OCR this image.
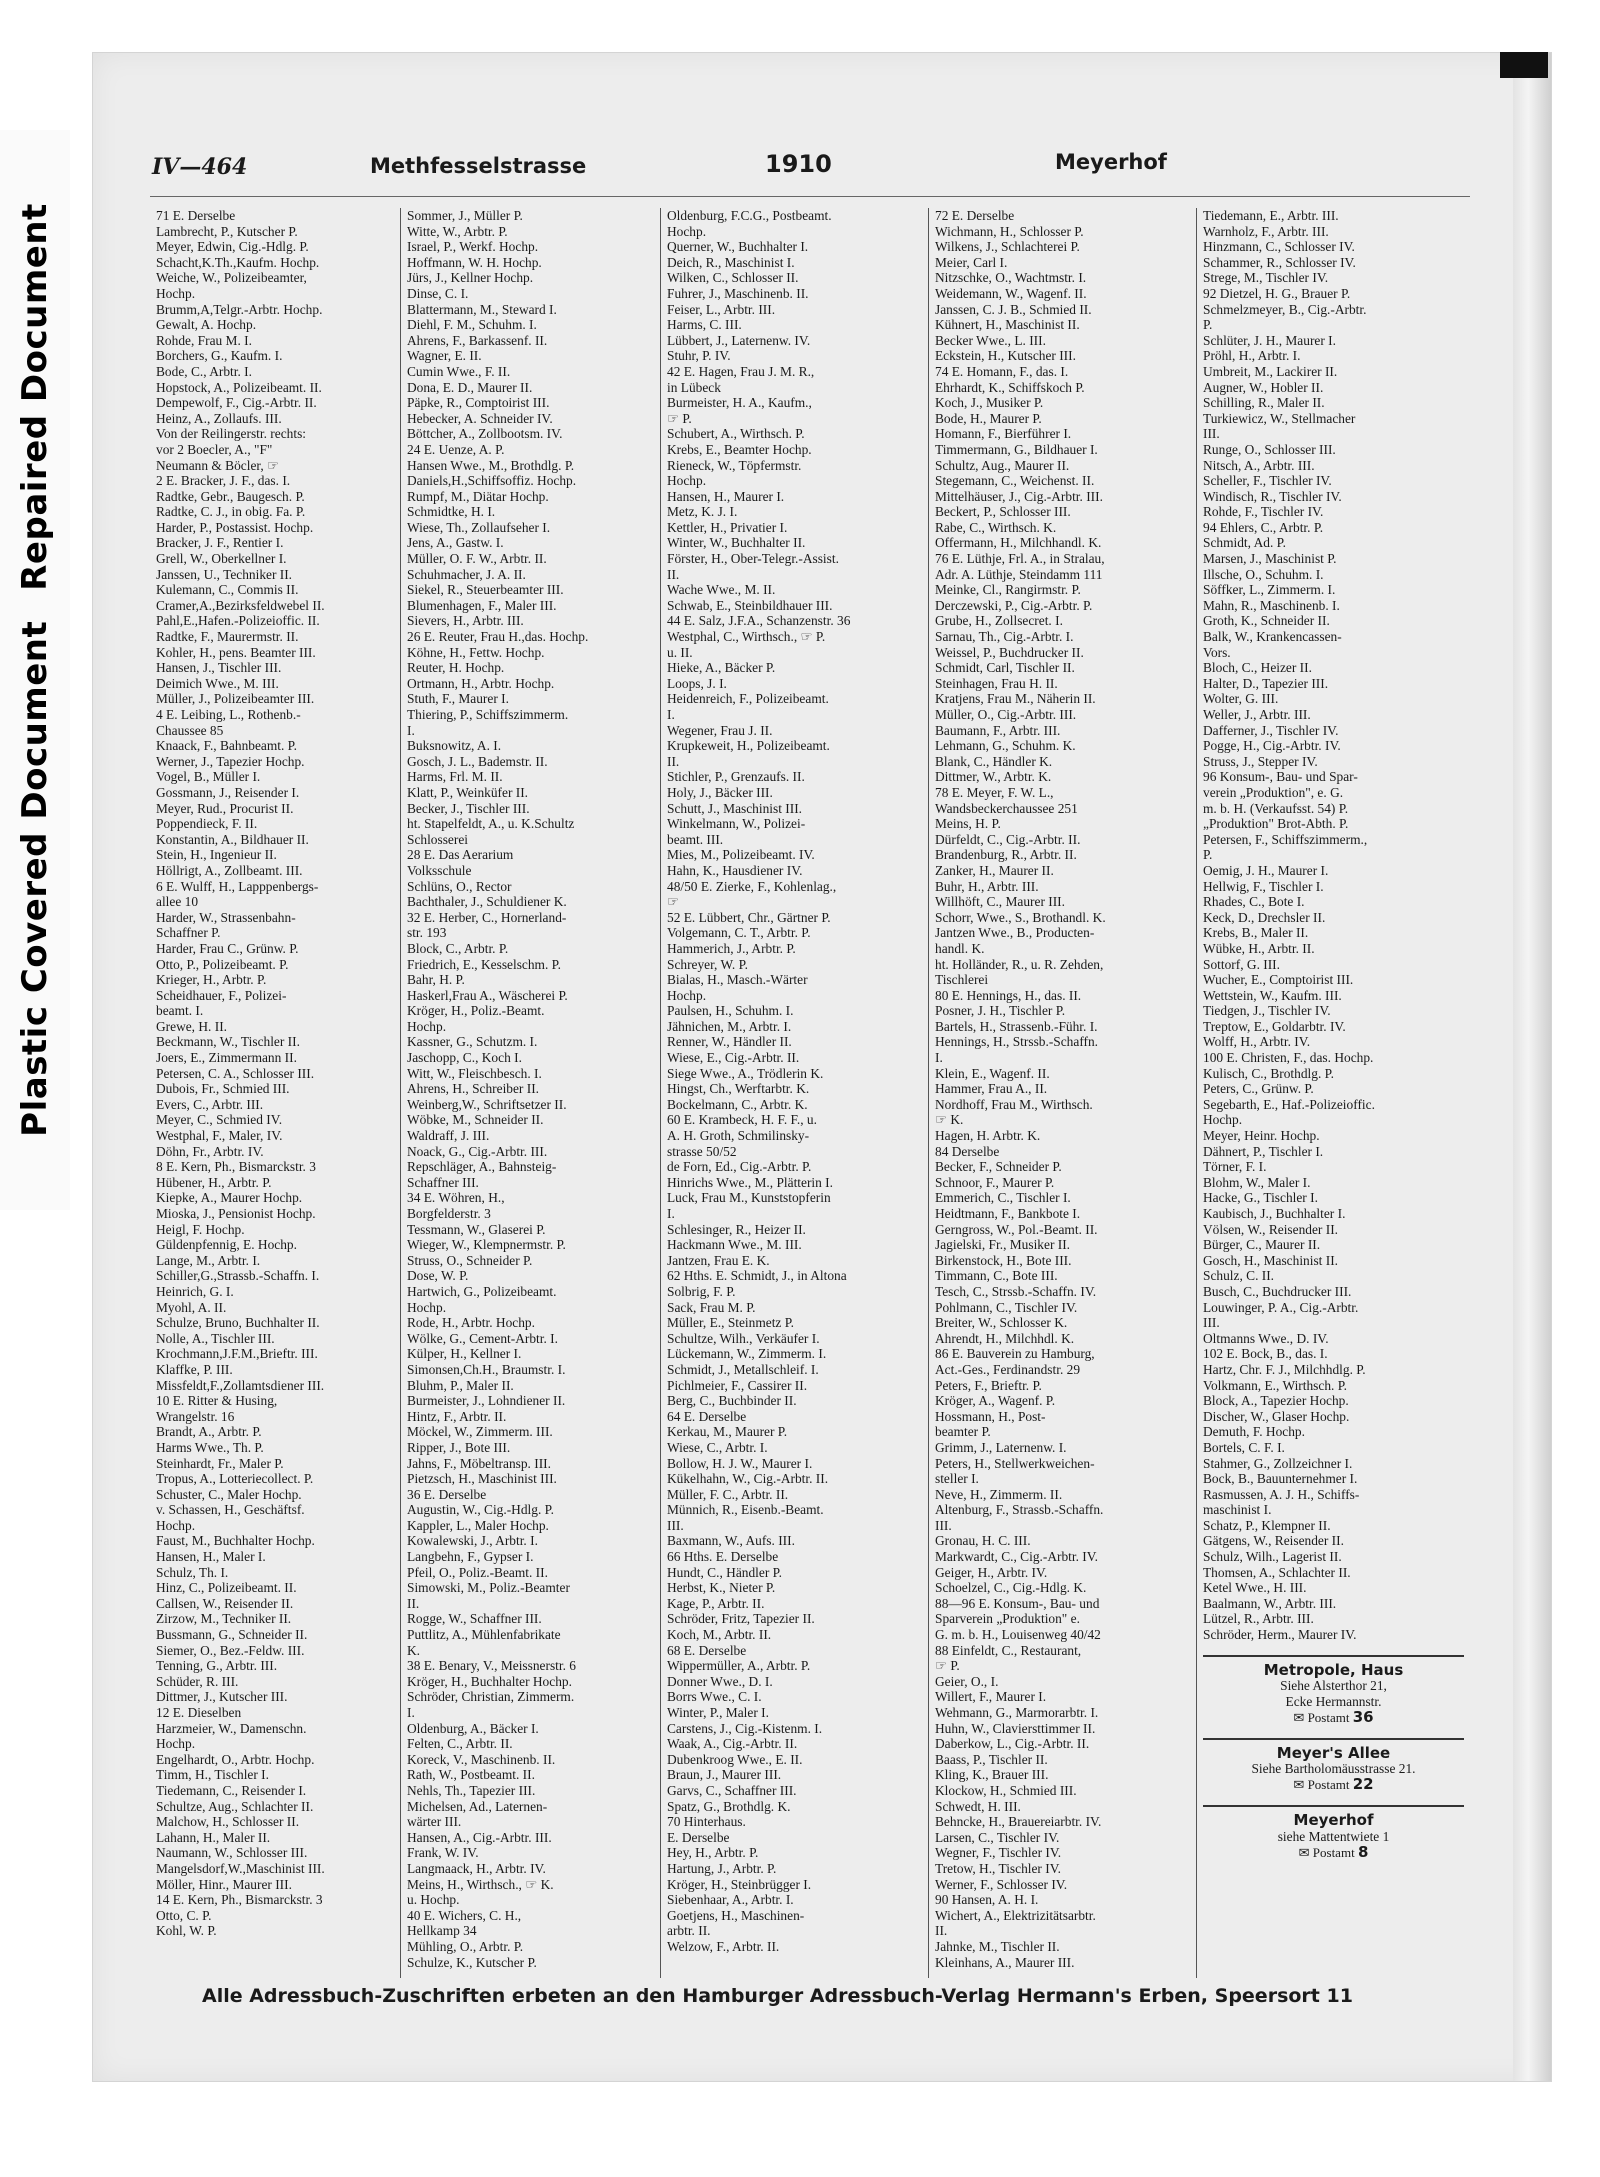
Plastic Covered DocumentRepaired Document
IV—464	Methfesselstrasse	1910	Meyerhof
71 E. Derselbe
Lambrecht, P., Kutscher P.
Meyer, Edwin, Cig.-Hdlg. P.
Schacht,K.Th.,Kaufm. Hochp.
Weiche, W., Polizeibeamter,
Hochp.
Brumm,A,Telgr.-Arbtr. Hochp.
Gewalt, A. Hochp.
Rohde, Frau M. I.
Borchers, G., Kaufm. I.
Bode, C., Arbtr. I.
Hopstock, A., Polizeibeamt. II.
Dempewolf, F., Cig.-Arbtr. II.
Heinz, A., Zollaufs. III.
Von der Reilingerstr. rechts:
vor 2 Boecler, A., "F"
Neumann & Böcler, ☞
2 E. Bracker, J. F., das. I.
Radtke, Gebr., Baugesch. P.
Radtke, C. J., in obig. Fa. P.
Harder, P., Postassist. Hochp.
Bracker, J. F., Rentier I.
Grell, W., Oberkellner I.
Janssen, U., Techniker II.
Kulemann, C., Commis II.
Cramer,A.,Bezirksfeldwebel II.
Pahl,E.,Hafen.-Polizeioffic. II.
Radtke, F., Maurermstr. II.
Kohler, H., pens. Beamter III.
Hansen, J., Tischler III.
Deimich Wwe., M. III.
Müller, J., Polizeibeamter III.
4 E. Leibing, L., Rothenb.-
Chaussee 85
Knaack, F., Bahnbeamt. P.
Werner, J., Tapezier Hochp.
Vogel, B., Müller I.
Gossmann, J., Reisender I.
Meyer, Rud., Procurist II.
Poppendieck, F. II.
Konstantin, A., Bildhauer II.
Stein, H., Ingenieur II.
Höllrigt, A., Zollbeamt. III.
6 E. Wulff, H., Lapppenbergs-
allee 10
Harder, W., Strassenbahn-
Schaffner P.
Harder, Frau C., Grünw. P.
Otto, P., Polizeibeamt. P.
Krieger, H., Arbtr. P.
Scheidhauer, F., Polizei-
beamt. I.
Grewe, H. II.
Beckmann, W., Tischler II.
Joers, E., Zimmermann II.
Petersen, C. A., Schlosser III.
Dubois, Fr., Schmied III.
Evers, C., Arbtr. III.
Meyer, C., Schmied IV.
Westphal, F., Maler, IV.
Döhn, Fr., Arbtr. IV.
8 E. Kern, Ph., Bismarckstr. 3
Hübener, H., Arbtr. P.
Kiepke, A., Maurer Hochp.
Mioska, J., Pensionist Hochp.
Heigl, F. Hochp.
Güldenpfennig, E. Hochp.
Lange, M., Arbtr. I.
Schiller,G.,Strassb.-Schaffn. I.
Heinrich, G. I.
Myohl, A. II.
Schulze, Bruno, Buchhalter II.
Nolle, A., Tischler III.
Krochmann,J.F.M.,Brieftr. III.
Klaffke, P. III.
Missfeldt,F.,Zollamtsdiener III.
10 E. Ritter & Husing,
Wrangelstr. 16
Brandt, A., Arbtr. P.
Harms Wwe., Th. P.
Steinhardt, Fr., Maler P.
Tropus, A., Lotteriecollect. P.
Schuster, C., Maler Hochp.
v. Schassen, H., Geschäftsf.
Hochp.
Faust, M., Buchhalter Hochp.
Hansen, H., Maler I.
Schulz, Th. I.
Hinz, C., Polizeibeamt. II.
Callsen, W., Reisender II.
Zirzow, M., Techniker II.
Bussmann, G., Schneider II.
Siemer, O., Bez.-Feldw. III.
Tenning, G., Arbtr. III.
Schüder, R. III.
Dittmer, J., Kutscher III.
12 E. Dieselben
Harzmeier, W., Damenschn.
Hochp.
Engelhardt, O., Arbtr. Hochp.
Timm, H., Tischler I.
Tiedemann, C., Reisender I.
Schultze, Aug., Schlachter II.
Malchow, H., Schlosser II.
Lahann, H., Maler II.
Naumann, W., Schlosser III.
Mangelsdorf,W.,Maschinist III.
Möller, Hinr., Maurer III.
14 E. Kern, Ph., Bismarckstr. 3
Otto, C. P.
Kohl, W. P.
Sommer, J., Müller P.
Witte, W., Arbtr. P.
Israel, P., Werkf. Hochp.
Hoffmann, W. H. Hochp.
Jürs, J., Kellner Hochp.
Dinse, C. I.
Blattermann, M., Steward I.
Diehl, F. M., Schuhm. I.
Ahrens, F., Barkassenf. II.
Wagner, E. II.
Cumin Wwe., F. II.
Dona, E. D., Maurer II.
Päpke, R., Comptoirist III.
Hebecker, A. Schneider IV.
Böttcher, A., Zollbootsm. IV.
24 E. Uenze, A. P.
Hansen Wwe., M., Brothdlg. P.
Daniels,H.,Schiffsoffiz. Hochp.
Rumpf, M., Diätar Hochp.
Schmidtke, H. I.
Wiese, Th., Zollaufseher I.
Jens, A., Gastw. I.
Müller, O. F. W., Arbtr. II.
Schuhmacher, J. A. II.
Siekel, R., Steuerbeamter III.
Blumenhagen, F., Maler III.
Sievers, H., Arbtr. III.
26 E. Reuter, Frau H.,das. Hochp.
Köhne, H., Fettw. Hochp.
Reuter, H. Hochp.
Ortmann, H., Arbtr. Hochp.
Stuth, F., Maurer I.
Thiering, P., Schiffszimmerm.
I.
Buksnowitz, A. I.
Gosch, J. L., Bademstr. II.
Harms, Frl. M. II.
Klatt, P., Weinküfer II.
Becker, J., Tischler III.
ht. Stapelfeldt, A., u. K.Schultz
Schlosserei
28 E. Das Aerarium
Volksschule
Schlüns, O., Rector
Bachthaler, J., Schuldiener K.
32 E. Herber, C., Hornerland-
str. 193
Block, C., Arbtr. P.
Friedrich, E., Kesselschm. P.
Bahr, H. P.
Haskerl,Frau A., Wäscherei P.
Kröger, H., Poliz.-Beamt.
Hochp.
Kassner, G., Schutzm. I.
Jaschopp, C., Koch I.
Witt, W., Fleischbesch. I.
Ahrens, H., Schreiber II.
Weinberg,W., Schriftsetzer II.
Wöbke, M., Schneider II.
Waldraff, J. III.
Noack, G., Cig.-Arbtr. III.
Repschläger, A., Bahnsteig-
Schaffner III.
34 E. Wöhren, H.,
Borgfelderstr. 3
Tessmann, W., Glaserei P.
Wieger, W., Klempnermstr. P.
Struss, O., Schneider P.
Dose, W. P.
Hartwich, G., Polizeibeamt.
Hochp.
Rode, H., Arbtr. Hochp.
Wölke, G., Cement-Arbtr. I.
Külper, H., Kellner I.
Simonsen,Ch.H., Braumstr. I.
Bluhm, P., Maler II.
Burmeister, J., Lohndiener II.
Hintz, F., Arbtr. II.
Möckel, W., Zimmerm. III.
Ripper, J., Bote III.
Jahns, F., Möbeltransp. III.
Pietzsch, H., Maschinist III.
36 E. Derselbe
Augustin, W., Cig.-Hdlg. P.
Kappler, L., Maler Hochp.
Kowalewski, J., Arbtr. I.
Langbehn, F., Gypser I.
Pfeil, O., Poliz.-Beamt. II.
Simowski, M., Poliz.-Beamter
II.
Rogge, W., Schaffner III.
Puttlitz, A., Mühlenfabrikate
K.
38 E. Benary, V., Meissnerstr. 6
Kröger, H., Buchhalter Hochp.
Schröder, Christian, Zimmerm.
I.
Oldenburg, A., Bäcker I.
Felten, C., Arbtr. II.
Koreck, V., Maschinenb. II.
Rath, W., Postbeamt. II.
Nehls, Th., Tapezier III.
Michelsen, Ad., Laternen-
wärter III.
Hansen, A., Cig.-Arbtr. III.
Frank, W. IV.
Langmaack, H., Arbtr. IV.
Meins, H., Wirthsch., ☞ K.
u. Hochp.
40 E. Wichers, C. H.,
Hellkamp 34
Mühling, O., Arbtr. P.
Schulze, K., Kutscher P.
Oldenburg, F.C.G., Postbeamt.
Hochp.
Querner, W., Buchhalter I.
Deich, R., Maschinist I.
Wilken, C., Schlosser II.
Fuhrer, J., Maschinenb. II.
Feiser, L., Arbtr. III.
Harms, C. III.
Lübbert, J., Laternenw. IV.
Stuhr, P. IV.
42 E. Hagen, Frau J. M. R.,
in Lübeck
Burmeister, H. A., Kaufm.,
☞ P.
Schubert, A., Wirthsch. P.
Krebs, E., Beamter Hochp.
Rieneck, W., Töpfermstr.
Hochp.
Hansen, H., Maurer I.
Metz, K. J. I.
Kettler, H., Privatier I.
Winter, W., Buchhalter II.
Förster, H., Ober-Telegr.-Assist.
II.
Wache Wwe., M. II.
Schwab, E., Steinbildhauer III.
44 E. Salz, J.F.A., Schanzenstr. 36
Westphal, C., Wirthsch., ☞ P.
u. II.
Hieke, A., Bäcker P.
Loops, J. I.
Heidenreich, F., Polizeibeamt.
I.
Wegener, Frau J. II.
Krupkeweit, H., Polizeibeamt.
II.
Stichler, P., Grenzaufs. II.
Holy, J., Bäcker III.
Schutt, J., Maschinist III.
Winkelmann, W., Polizei-
beamt. III.
Mies, M., Polizeibeamt. IV.
Hahn, K., Hausdiener IV.
48/50 E. Zierke, F., Kohlenlag.,
☞
52 E. Lübbert, Chr., Gärtner P.
Volgemann, C. T., Arbtr. P.
Hammerich, J., Arbtr. P.
Schreyer, W. P.
Bialas, H., Masch.-Wärter
Hochp.
Paulsen, H., Schuhm. I.
Jähnichen, M., Arbtr. I.
Renner, W., Händler II.
Wiese, E., Cig.-Arbtr. II.
Siege Wwe., A., Trödlerin K.
Hingst, Ch., Werftarbtr. K.
Bockelmann, C., Arbtr. K.
60 E. Krambeck, H. F. F., u.
A. H. Groth, Schmilinsky-
strasse 50/52
de Forn, Ed., Cig.-Arbtr. P.
Hinrichs Wwe., M., Plätterin I.
Luck, Frau M., Kunststopferin
I.
Schlesinger, R., Heizer II.
Hackmann Wwe., M. III.
Jantzen, Frau E. K.
62 Hths. E. Schmidt, J., in Altona
Solbrig, F. P.
Sack, Frau M. P.
Müller, E., Steinmetz P.
Schultze, Wilh., Verkäufer I.
Lückemann, W., Zimmerm. I.
Schmidt, J., Metallschleif. I.
Pichlmeier, F., Cassirer II.
Berg, C., Buchbinder II.
64 E. Derselbe
Kerkau, M., Maurer P.
Wiese, C., Arbtr. I.
Bollow, H. J. W., Maurer I.
Kükelhahn, W., Cig.-Arbtr. II.
Müller, F. C., Arbtr. II.
Münnich, R., Eisenb.-Beamt.
III.
Baxmann, W., Aufs. III.
66 Hths. E. Derselbe
Hundt, C., Händler P.
Herbst, K., Nieter P.
Kage, P., Arbtr. II.
Schröder, Fritz, Tapezier II.
Koch, M., Arbtr. II.
68 E. Derselbe
Wippermüller, A., Arbtr. P.
Donner Wwe., D. I.
Borrs Wwe., C. I.
Winter, P., Maler I.
Carstens, J., Cig.-Kistenm. I.
Waak, A., Cig.-Arbtr. II.
Dubenkroog Wwe., E. II.
Braun, J., Maurer III.
Garvs, C., Schaffner III.
Spatz, G., Brothdlg. K.
70 Hinterhaus.
E. Derselbe
Hey, H., Arbtr. P.
Hartung, J., Arbtr. P.
Kröger, H., Steinbrügger I.
Siebenhaar, A., Arbtr. I.
Goetjens, H., Maschinen-
arbtr. II.
Welzow, F., Arbtr. II.
72 E. Derselbe
Wichmann, H., Schlosser P.
Wilkens, J., Schlachterei P.
Meier, Carl I.
Nitzschke, O., Wachtmstr. I.
Weidemann, W., Wagenf. II.
Janssen, C. J. B., Schmied II.
Kühnert, H., Maschinist II.
Becker Wwe., L. III.
Eckstein, H., Kutscher III.
74 E. Homann, F., das. I.
Ehrhardt, K., Schiffskoch P.
Koch, J., Musiker P.
Bode, H., Maurer P.
Homann, F., Bierführer I.
Timmermann, G., Bildhauer I.
Schultz, Aug., Maurer II.
Stegemann, C., Weichenst. II.
Mittelhäuser, J., Cig.-Arbtr. III.
Beckert, P., Schlosser III.
Rabe, C., Wirthsch. K.
Offermann, H., Milchhandl. K.
76 E. Lüthje, Frl. A., in Stralau,
Adr. A. Lüthje, Steindamm 111
Meinke, Cl., Rangirmstr. P.
Derczewski, P., Cig.-Arbtr. P.
Grube, H., Zollsecret. I.
Sarnau, Th., Cig.-Arbtr. I.
Weissel, P., Buchdrucker II.
Schmidt, Carl, Tischler II.
Steinhagen, Frau H. II.
Kratjens, Frau M., Näherin II.
Müller, O., Cig.-Arbtr. III.
Baumann, F., Arbtr. III.
Lehmann, G., Schuhm. K.
Blank, C., Händler K.
Dittmer, W., Arbtr. K.
78 E. Meyer, F. W. L.,
Wandsbeckerchaussee 251
Meins, H. P.
Dürfeldt, C., Cig.-Arbtr. II.
Brandenburg, R., Arbtr. II.
Zanker, H., Maurer II.
Buhr, H., Arbtr. III.
Willhöft, C., Maurer III.
Schorr, Wwe., S., Brothandl. K.
Jantzen Wwe., B., Producten-
handl. K.
ht. Holländer, R., u. R. Zehden,
Tischlerei
80 E. Hennings, H., das. II.
Posner, J. H., Tischler P.
Bartels, H., Strassenb.-Führ. I.
Hennings, H., Strssb.-Schaffn.
I.
Klein, E., Wagenf. II.
Hammer, Frau A., II.
Nordhoff, Frau M., Wirthsch.
☞ K.
Hagen, H. Arbtr. K.
84 Derselbe
Becker, F., Schneider P.
Schnoor, F., Maurer P.
Emmerich, C., Tischler I.
Heidtmann, F., Bankbote I.
Gerngross, W., Pol.-Beamt. II.
Jagielski, Fr., Musiker II.
Birkenstock, H., Bote III.
Timmann, C., Bote III.
Tesch, C., Strssb.-Schaffn. IV.
Pohlmann, C., Tischler IV.
Breiter, W., Schlosser K.
Ahrendt, H., Milchhdl. K.
86 E. Bauverein zu Hamburg,
Act.-Ges., Ferdinandstr. 29
Peters, F., Brieftr. P.
Kröger, A., Wagenf. P.
Hossmann, H., Post-
beamter P.
Grimm, J., Laternenw. I.
Peters, H., Stellwerkweichen-
steller I.
Neve, H., Zimmerm. II.
Altenburg, F., Strassb.-Schaffn.
III.
Gronau, H. C. III.
Markwardt, C., Cig.-Arbtr. IV.
Geiger, H., Arbtr. IV.
Schoelzel, C., Cig.-Hdlg. K.
88—96 E. Konsum-, Bau- und
Sparverein „Produktion" e.
G. m. b. H., Louisenweg 40/42
88 Einfeldt, C., Restaurant,
☞ P.
Geier, O., I.
Willert, F., Maurer I.
Wehmann, G., Marmorarbtr. I.
Huhn, W., Claviersttimmer II.
Daberkow, L., Cig.-Arbtr. II.
Baass, P., Tischler II.
Kling, K., Brauer III.
Klockow, H., Schmied III.
Schwedt, H. III.
Behncke, H., Brauereiarbtr. IV.
Larsen, C., Tischler IV.
Wegner, F., Tischler IV.
Tretow, H., Tischler IV.
Werner, F., Schlosser IV.
90 Hansen, A. H. I.
Wichert, A., Elektrizitätsarbtr.
II.
Jahnke, M., Tischler II.
Kleinhans, A., Maurer III.
Tiedemann, E., Arbtr. III.
Warnholz, F., Arbtr. III.
Hinzmann, C., Schlosser IV.
Schammer, R., Schlosser IV.
Strege, M., Tischler IV.
92 Dietzel, H. G., Brauer P.
Schmelzmeyer, B., Cig.-Arbtr.
P.
Schlüter, J. H., Maurer I.
Pröhl, H., Arbtr. I.
Umbreit, M., Lackirer II.
Augner, W., Hobler II.
Schilling, R., Maler II.
Turkiewicz, W., Stellmacher
III.
Runge, O., Schlosser III.
Nitsch, A., Arbtr. III.
Scheller, F., Tischler IV.
Windisch, R., Tischler IV.
Rohde, F., Tischler IV.
94 Ehlers, C., Arbtr. P.
Schmidt, Ad. P.
Marsen, J., Maschinist P.
Illsche, O., Schuhm. I.
Söffker, L., Zimmerm. I.
Mahn, R., Maschinenb. I.
Groth, K., Schneider II.
Balk, W., Krankencassen-
Vors.
Bloch, C., Heizer II.
Halter, D., Tapezier III.
Wolter, G. III.
Weller, J., Arbtr. III.
Dafferner, J., Tischler IV.
Pogge, H., Cig.-Arbtr. IV.
Struss, J., Stepper IV.
96 Konsum-, Bau- und Spar-
verein „Produktion", e. G.
m. b. H. (Verkaufsst. 54) P.
„Produktion" Brot-Abth. P.
Petersen, F., Schiffszimmerm.,
P.
Oemig, J. H., Maurer I.
Hellwig, F., Tischler I.
Rhades, C., Bote I.
Keck, D., Drechsler II.
Krebs, B., Maler II.
Wübke, H., Arbtr. II.
Sottorf, G. III.
Wucher, E., Comptoirist III.
Wettstein, W., Kaufm. III.
Tiedgen, J., Tischler IV.
Treptow, E., Goldarbtr. IV.
Wolff, H., Arbtr. IV.
100 E. Christen, F., das. Hochp.
Kulisch, C., Brothdlg. P.
Peters, C., Grünw. P.
Segebarth, E., Haf.-Polizeioffic.
Hochp.
Meyer, Heinr. Hochp.
Dähnert, P., Tischler I.
Törner, F. I.
Blohm, W., Maler I.
Hacke, G., Tischler I.
Kaubisch, J., Buchhalter I.
Völsen, W., Reisender II.
Bürger, C., Maurer II.
Gosch, H., Maschinist II.
Schulz, C. II.
Busch, C., Buchdrucker III.
Louwinger, P. A., Cig.-Arbtr.
III.
Oltmanns Wwe., D. IV.
102 E. Bock, B., das. I.
Hartz, Chr. F. J., Milchhdlg. P.
Volkmann, E., Wirthsch. P.
Block, A., Tapezier Hochp.
Discher, W., Glaser Hochp.
Demuth, F. Hochp.
Bortels, C. F. I.
Stahmer, G., Zollzeichner I.
Bock, B., Bauunternehmer I.
Rasmussen, A. J. H., Schiffs-
maschinist I.
Schatz, P., Klempner II.
Gätgens, W., Reisender II.
Schulz, Wilh., Lagerist II.
Thomsen, A., Schlachter II.
Ketel Wwe., H. III.
Baalmann, W., Arbtr. III.
Lützel, R., Arbtr. III.
Schröder, Herm., Maurer IV.
Metropole, Haus
Siehe Alsterthor 21,
Ecke Hermannstr.
✉ Postamt 36
Meyer's Allee
Siehe Bartholomäusstrasse 21.
✉ Postamt 22
Meyerhof
siehe Mattentwiete 1
✉ Postamt 8
Alle Adressbuch-Zuschriften erbeten an den Hamburger Adressbuch-Verlag Hermann's Erben, Speersort 11
